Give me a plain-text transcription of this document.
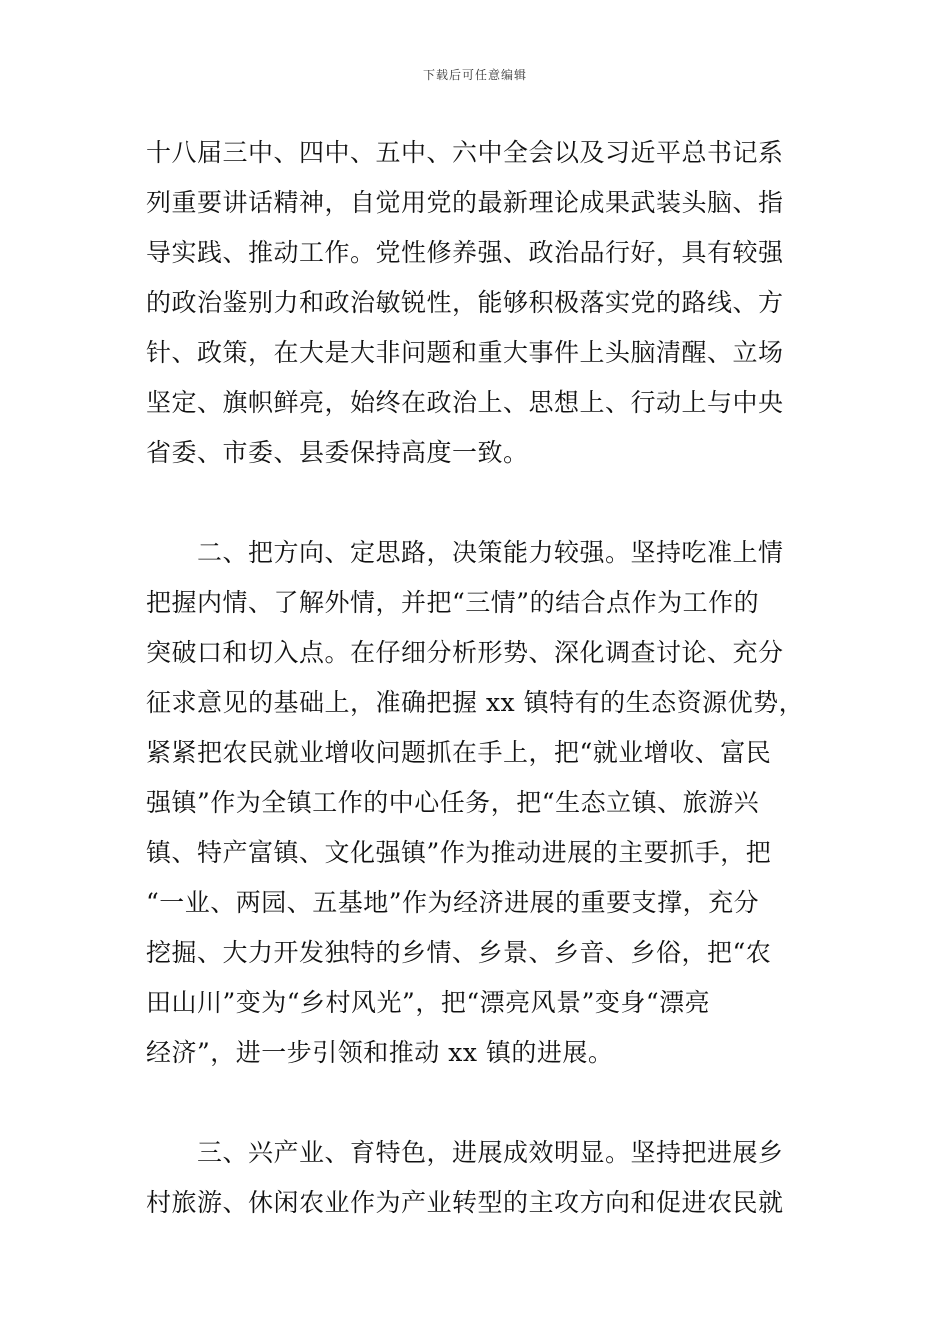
下载后可任意编辑
十八届三中、四中、五中、六中全会以及习近平总书记系
列重要讲话精神，自觉用党的最新理论成果武装头脑、指
导实践、推动工作。党性修养强、政治品行好，具有较强
的政治鉴别力和政治敏锐性，能够积极落实党的路线、方
针、政策，在大是大非问题和重大事件上头脑清醒、立场
坚定、旗帜鲜亮，始终在政治上、思想上、行动上与中央
省委、市委、县委保持高度一致。
　　二、把方向、定思路，决策能力较强。坚持吃准上情
把握内情、了解外情，并把“三情”的结合点作为工作的
突破口和切入点。在仔细分析形势、深化调查讨论、充分
征求意见的基础上，准确把握 xx 镇特有的生态资源优势，
紧紧把农民就业增收问题抓在手上，把“就业增收、富民
强镇”作为全镇工作的中心任务，把“生态立镇、旅游兴
镇、特产富镇、文化强镇”作为推动进展的主要抓手，把
“一业、两园、五基地”作为经济进展的重要支撑，充分
挖掘、大力开发独特的乡情、乡景、乡音、乡俗，把“农
田山川”变为“乡村风光”，把“漂亮风景”变身“漂亮
经济”，进一步引领和推动 xx 镇的进展。
　　三、兴产业、育特色，进展成效明显。坚持把进展乡
村旅游、休闲农业作为产业转型的主攻方向和促进农民就
